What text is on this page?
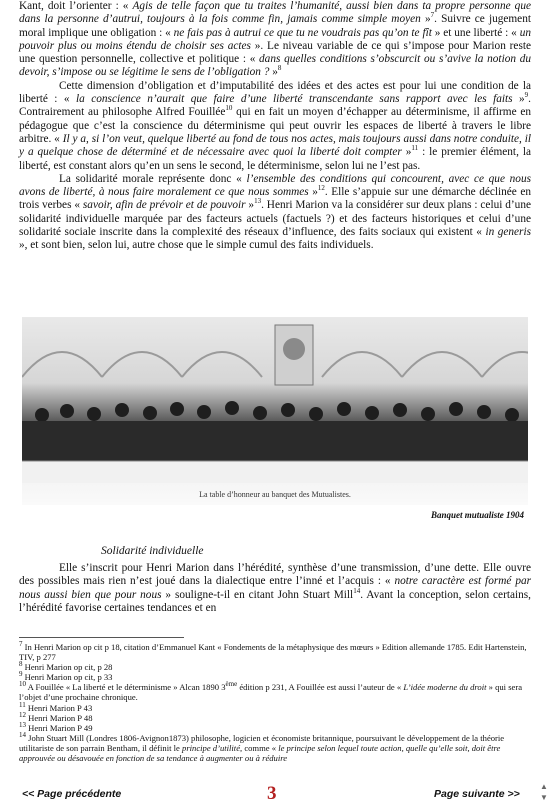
Kant, doit l’orienter : « Agis de telle façon que tu traites l’humanité, aussi bien dans ta propre personne que dans la personne d’autrui, toujours à la fois comme fin, jamais comme simple moyen »$^7$. Suivre ce jugement moral implique une obligation : « ne fais pas à autrui ce que tu ne voudrais pas qu’on te fît » et une liberté : « un pouvoir plus ou moins étendu de choisir ses actes ». Le niveau variable de ce qui s’impose pour Marion reste une question personnelle, collective et politique : « dans quelles conditions s’obscurcit ou s’avive la notion du devoir, s’impose ou se légitime le sens de l’obligation ? »$^8$

Cette dimension d’obligation et d’imputabilité des idées et des actes est pour lui une condition de la liberté : « la conscience n’aurait que faire d’une liberté transcendante sans rapport avec les faits »$^9$. Contrairement au philosophe Alfred Fouillée$^{10}$ qui en fait un moyen d’échapper au déterminisme, il affirme en pédagogue que c’est la conscience du déterminisme qui peut ouvrir les espaces de liberté à travers le libre arbitre. « Il y a, si l’on veut, quelque liberté au fond de tous nos actes, mais toujours aussi dans notre conduite, il y a quelque chose de déterminé et de nécessaire avec quoi la liberté doit compter »$^{11}$ : le premier élément, la liberté, est constant alors qu’en un sens le second, le déterminisme, selon lui ne l’est pas.

La solidarité morale représente donc « l’ensemble des conditions qui concourent, avec ce que nous avons de liberté, à nous faire moralement ce que nous sommes »$^{12}$. Elle s’appuie sur une démarche déclinée en trois verbes « savoir, afin de prévoir et de pouvoir »$^{13}$. Henri Marion va la considérer sur deux plans : celui d’une solidarité individuelle marquée par des facteurs actuels (factuels ?) et des facteurs historiques et celui d’une solidarité sociale inscrite dans la complexité des réseaux d’influence, des faits sociaux qui existent « in generis », et sont bien, selon lui, autre chose que le simple cumul des faits individuels.

La table d’honneur au banquet des Mutualistes.
Banquet mutualiste 1904
Solidarité individuelle

Elle s’inscrit pour Henri Marion dans l’hérédité, synthèse d’une transmission, d’une dette. Elle ouvre des possibles mais rien n’est joué dans la dialectique entre l’inné et l’acquis : « notre caractère est formé par nous aussi bien que pour nous » souligne-t-il en citant John Stuart Mill$^{14}$. Avant la conception, selon certains, l’hérédité favorise certaines tendances et en

$^7$ In Henri Marion op cit p 18, citation d’Emmanuel Kant « Fondements de la métaphysique des mœurs » Edition allemande 1785. Edit Hartenstein, TIV, p 277

$^8$ Henri Marion op cit, p 28

$^9$ Henri Marion op cit, p 33

$^{10}$ A Fouillée « La liberté et le déterminisme » Alcan 1890 3ème édition p 231, A Fouillée est aussi l’auteur de « L’idée moderne du droit » qui sera l’objet d’une prochaine chronique.

$^{11}$ Henri Marion P 43

$^{12}$ Henri Marion P 48

$^{13}$ Henri Marion P 49

$^{14}$ John Stuart Mill (Londres 1806-Avignon1873) philosophe, logicien et économiste britannique, poursuivant le développement de la théorie utilitariste de son parrain Bentham, il définit le principe d’utilité, comme « le principe selon lequel toute action, quelle qu’elle soit, doit être approuvée ou désavouée en fonction de sa tendance à augmenter ou à réduire

<< Page précédente	3	Page suivante >>
▲
▼
